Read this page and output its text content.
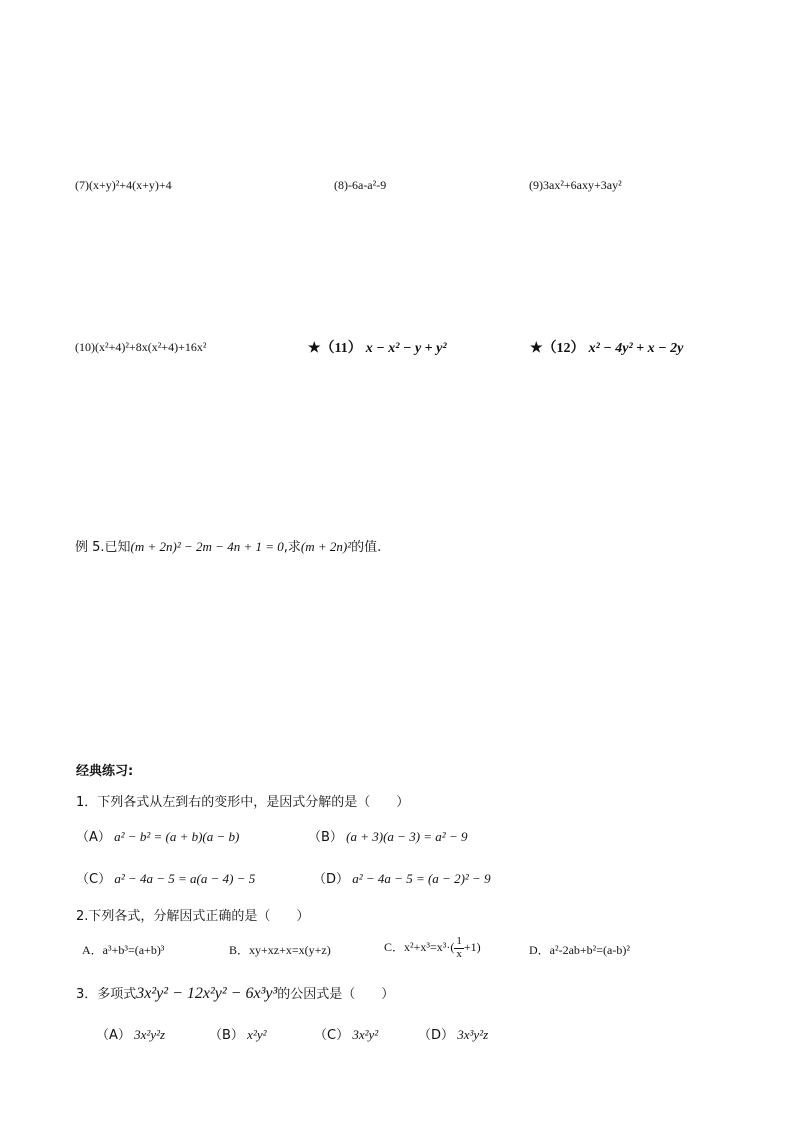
(7)(x+y)²+4(x+y)+4	(8)-6a-a²-9	(9)3ax²+6axy+3ay²
(10)(x²+4)²+8x(x²+4)+16x²	★（11） x − x² − y + y²	★（12） x² − 4y² + x − 2y
例 5.已知(m + 2n)² − 2m − 4n + 1 = 0,求(m + 2n)²的值.
经典练习:
1．下列各式从左到右的变形中，是因式分解的是（　　）
（A） a² − b² = (a + b)(a − b)	（B） (a + 3)(a − 3) = a² − 9
（C） a² − 4a − 5 = a(a − 4) − 5	（D） a² − 4a − 5 = (a − 2)² − 9
2.下列各式，分解因式正确的是（　　）
A．a³+b³=(a+b)³	B．xy+xz+x=x(y+z)	C．$x^2+x^3=x^3\cdot( \frac{1}{x} +1)$	D．a²-2ab+b²=(a-b)²
3．多项式3x²y² − 12x²y² − 6x³y³的公因式是（　　）
（A） 3x²y²z	（B） x²y²	（C） 3x²y²	（D） 3x³y²z
